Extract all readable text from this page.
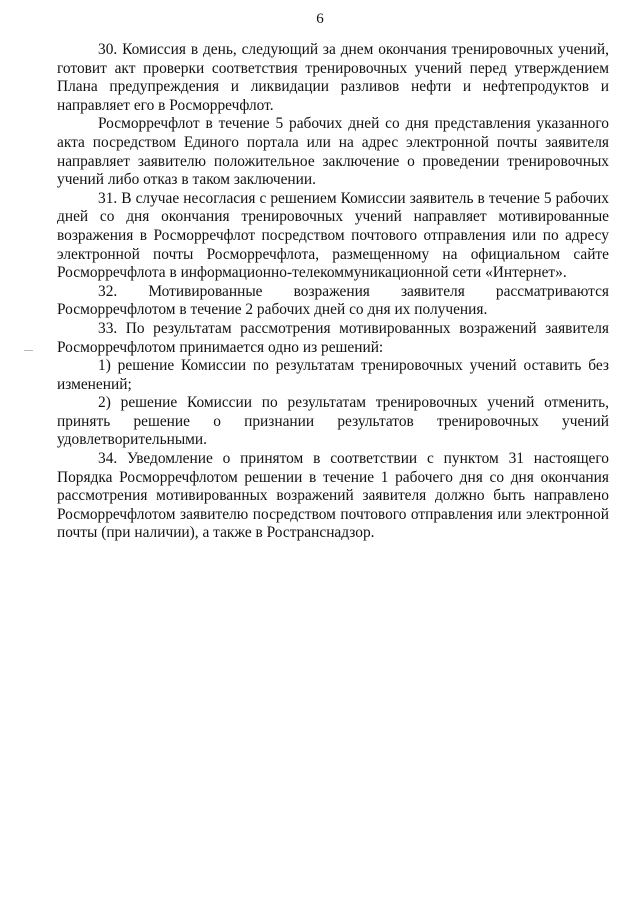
6

30. Комиссия в день, следующий за днем окончания тренировочных учений, готовит акт проверки соответствия тренировочных учений перед утверждением Плана предупреждения и ликвидации разливов нефти и нефтепродуктов и направляет его в Росморречфлот.

Росморречфлот в течение 5 рабочих дней со дня представления указанного акта посредством Единого портала или на адрес электронной почты заявителя направляет заявителю положительное заключение о проведении тренировочных учений либо отказ в таком заключении.

31. В случае несогласия с решением Комиссии заявитель в течение 5 рабочих дней со дня окончания тренировочных учений направляет мотивированные возражения в Росморречфлот посредством почтового отправления или по адресу электронной почты Росморречфлота, размещенному на официальном сайте Росморречфлота в информационно-телекоммуникационной сети «Интернет».

32. Мотивированные возражения заявителя рассматриваются Росморречфлотом в течение 2 рабочих дней со дня их получения.

33. По результатам рассмотрения мотивированных возражений заявителя Росморречфлотом принимается одно из решений:

1) решение Комиссии по результатам тренировочных учений оставить без изменений;

2) решение Комиссии по результатам тренировочных учений отменить, принять решение о признании результатов тренировочных учений удовлетворительными.

34. Уведомление о принятом в соответствии с пунктом 31 настоящего Порядка Росморречфлотом решении в течение 1 рабочего дня со дня окончания рассмотрения мотивированных возражений заявителя должно быть направлено Росморречфлотом заявителю посредством почтового отправления или электронной почты (при наличии), а также в Ространснадзор.
